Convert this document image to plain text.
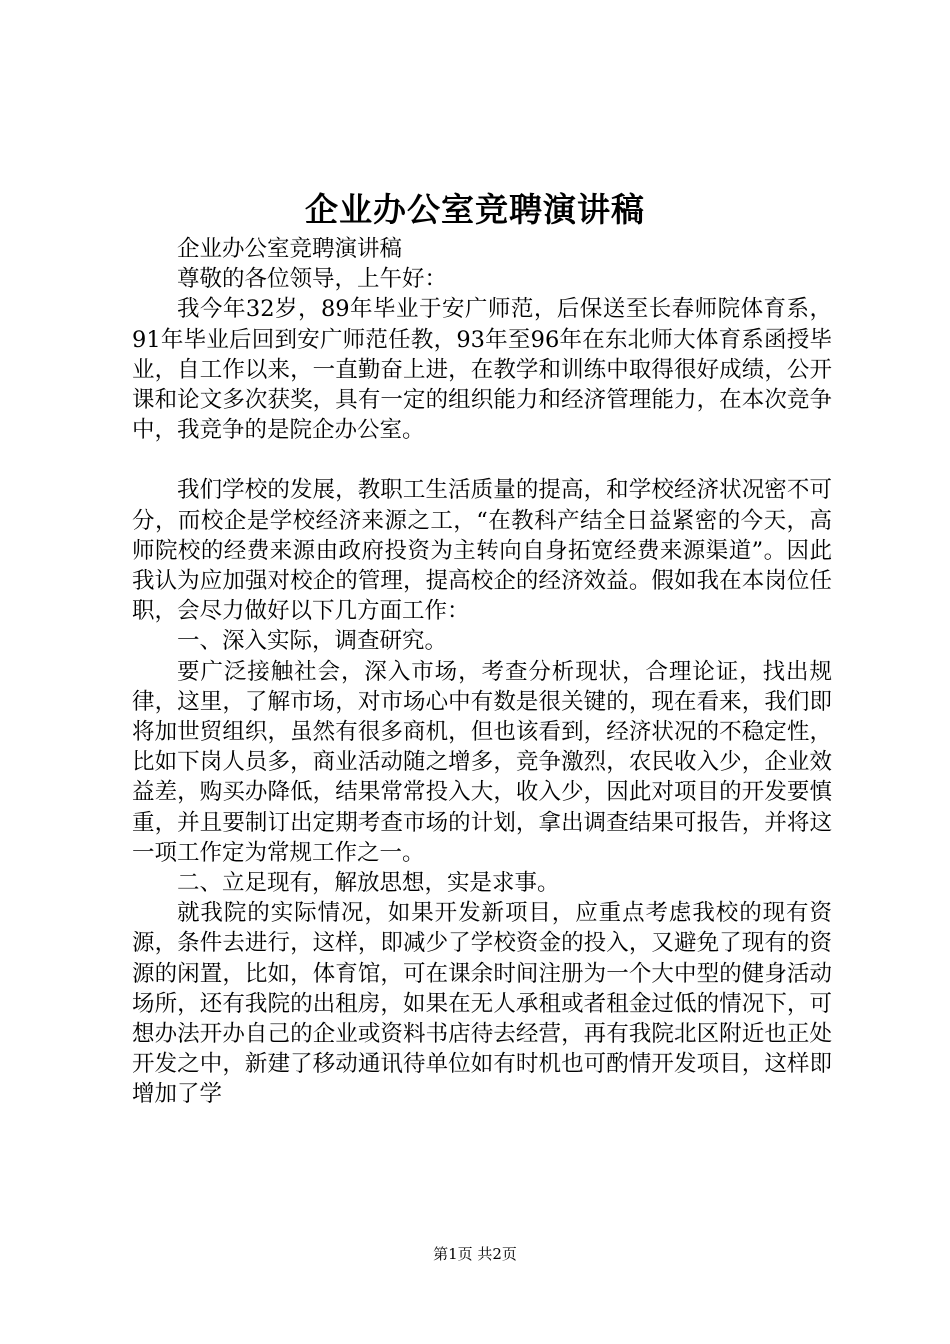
企业办公室竞聘演讲稿

企业办公室竞聘演讲稿

尊敬的各位领导，上午好：

我今年32岁，89年毕业于安广师范，后保送至长春师院体育系，91年毕业后回到安广师范任教，93年至96年在东北师大体育系函授毕业，自工作以来，一直勤奋上进，在教学和训练中取得很好成绩，公开课和论文多次获奖，具有一定的组织能力和经济管理能力，在本次竞争中，我竞争的是院企办公室。

我们学校的发展，教职工生活质量的提高，和学校经济状况密不可分，而校企是学校经济来源之工，“在教科产结全日益紧密的今天，高师院校的经费来源由政府投资为主转向自身拓宽经费来源渠道”。因此我认为应加强对校企的管理，提高校企的经济效益。假如我在本岗位任职，会尽力做好以下几方面工作：

一、深入实际，调查研究。

要广泛接触社会，深入市场，考查分析现状，合理论证，找出规律，这里，了解市场，对市场心中有数是很关键的，现在看来，我们即将加世贸组织，虽然有很多商机，但也该看到，经济状况的不稳定性，比如下岗人员多，商业活动随之增多，竞争激烈，农民收入少，企业效益差，购买办降低，结果常常投入大，收入少，因此对项目的开发要慎重，并且要制订出定期考查市场的计划，拿出调查结果可报告，并将这一项工作定为常规工作之一。

二、立足现有，解放思想，实是求事。

就我院的实际情况，如果开发新项目，应重点考虑我校的现有资源，条件去进行，这样，即减少了学校资金的投入，又避免了现有的资源的闲置，比如，体育馆，可在课余时间注册为一个大中型的健身活动场所，还有我院的出租房，如果在无人承租或者租金过低的情况下，可想办法开办自己的企业或资料书店待去经营，再有我院北区附近也正处开发之中，新建了移动通讯待单位如有时机也可酌情开发项目，这样即增加了学

第1页 共2页
